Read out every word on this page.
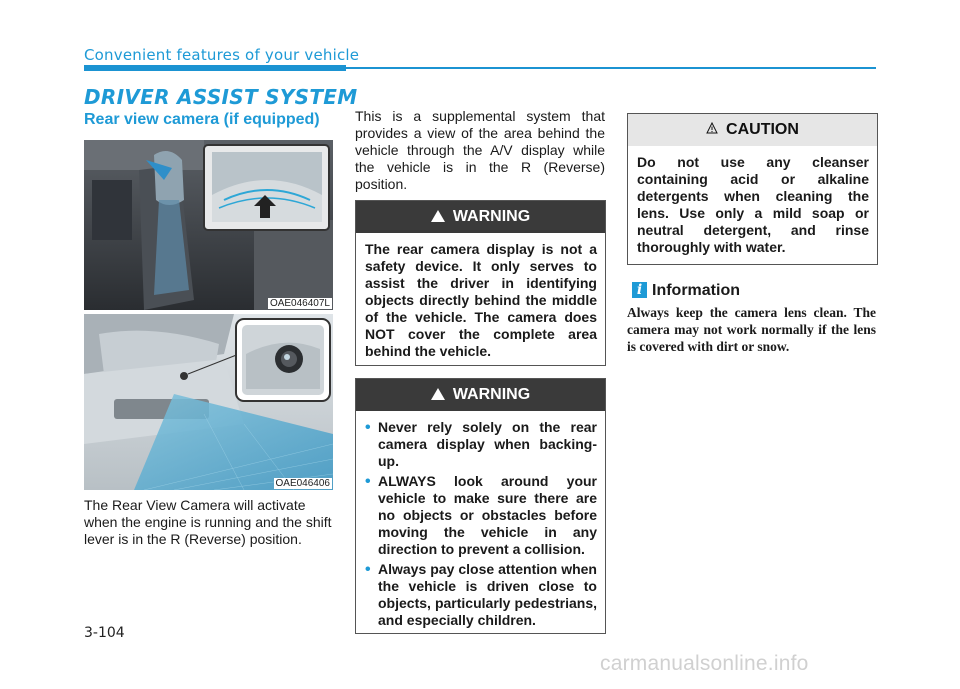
Convenient features of your vehicle
DRIVER ASSIST SYSTEM
Rear view camera (if equipped)
OAE046407L
OAE046406
The Rear View Camera will activate when the engine is running and the shift lever is in the R (Reverse) position.
This is a supplemental system that provides a view of the area behind the vehicle through the A/V display while the vehicle is in the R (Reverse) position.
!WARNING
The rear camera display is not a safety device. It only serves to assist the driver in identifying objects directly behind the middle of the vehicle. The camera does NOT cover the complete area behind the vehicle.
!WARNING
• Never rely solely on the rear camera display when backing-up.
• ALWAYS look around your vehicle to make sure there are no objects or obstacles before moving the vehicle in any direction to prevent a collision.
• Always pay close attention when the vehicle is driven close to objects, particularly pedestrians, and especially children.
CAUTION
Do not use any cleanser containing acid or alkaline detergents when cleaning the lens. Use only a mild soap or neutral detergent, and rinse thoroughly with water.
i Information
Always keep the camera lens clean. The camera may not work normally if the lens is covered with dirt or snow.
3-104
carmanualsonline.info
